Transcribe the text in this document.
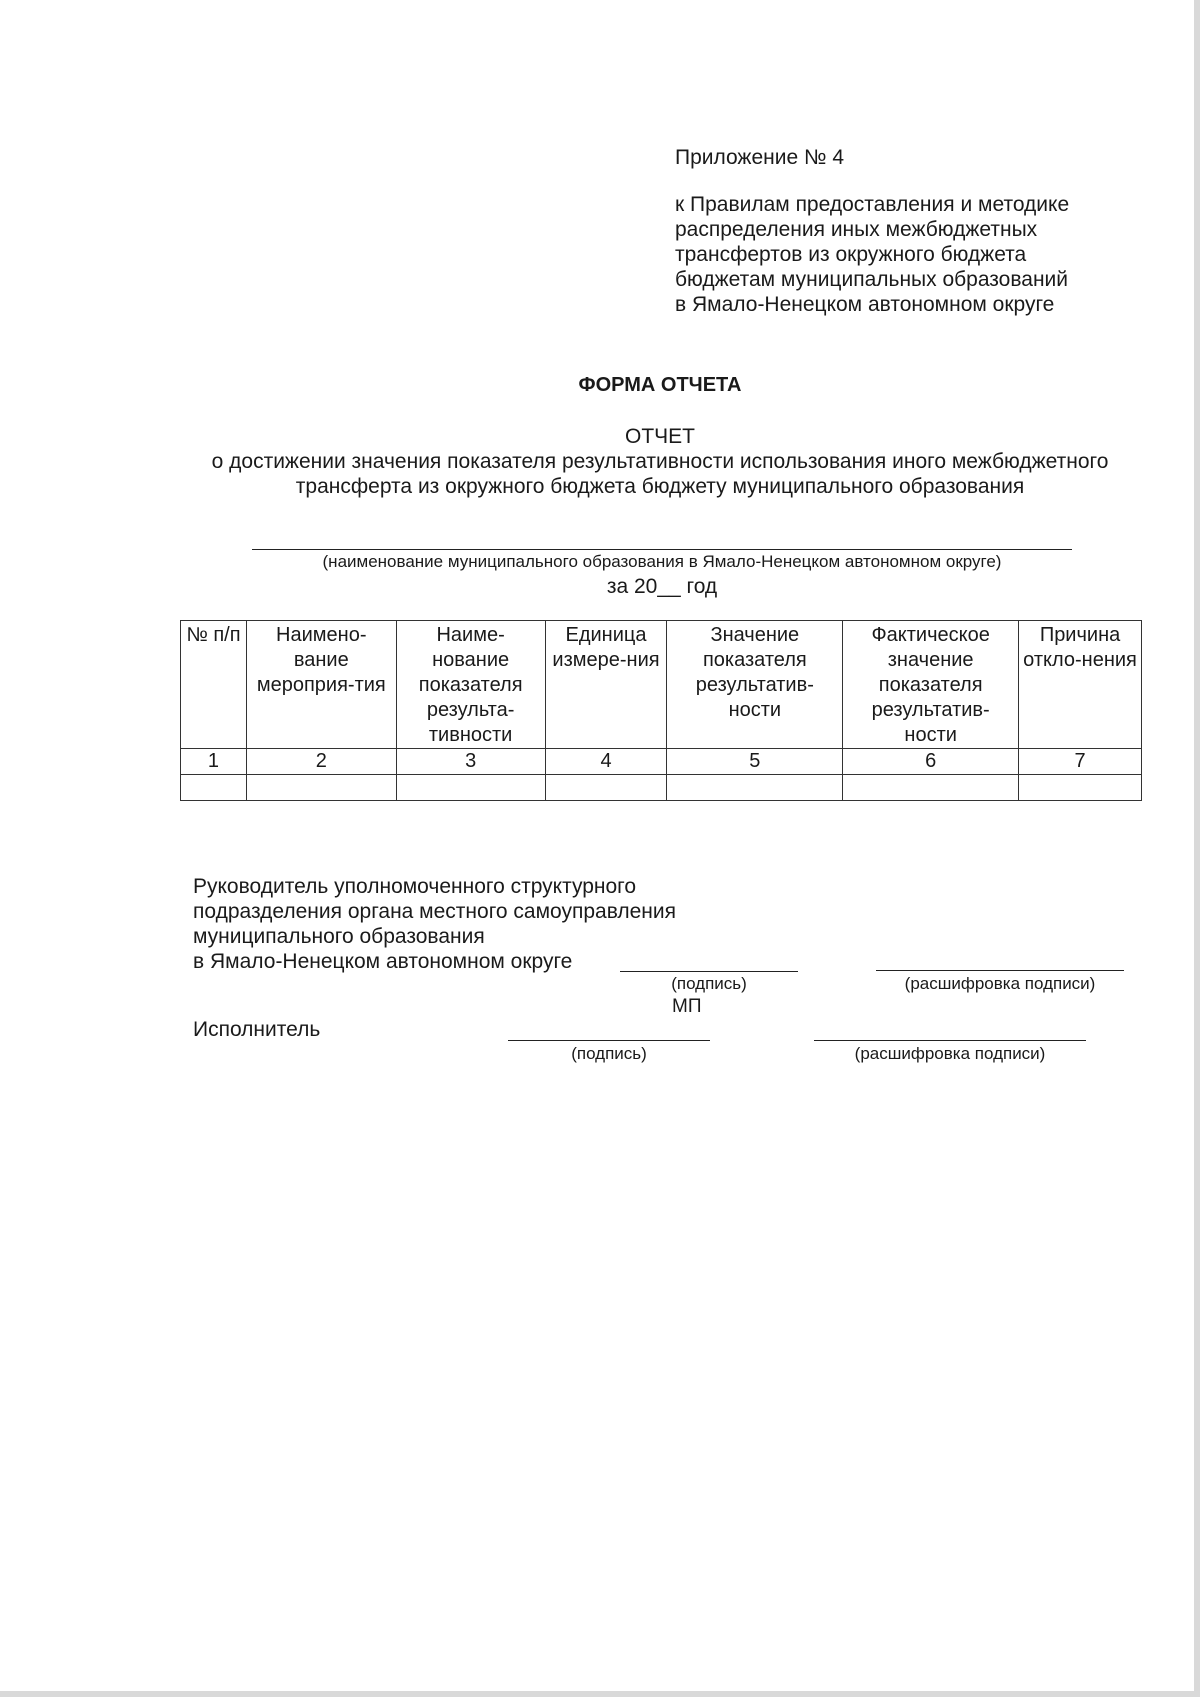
Приложение № 4
к Правилам предоставления и методике
распределения иных межбюджетных
трансфертов из окружного бюджета
бюджетам муниципальных образований
в Ямало-Ненецком автономном округе
ФОРМА ОТЧЕТА
ОТЧЕТ
о достижении значения показателя результативности использования иного межбюджетного трансферта из окружного бюджета бюджету муниципального образования
(наименование муниципального образования в Ямало-Ненецком автономном округе)
за 20__ год
№ п/п	Наимено-вание мероприя-тия	Наиме-нование показателя результа-тивности	Единица измере-ния	Значение показателя результатив-ности	Фактическое значение показателя результатив-ности	Причина откло-нения
1	2	3	4	5	6	7

Руководитель уполномоченного структурного
подразделения органа местного самоуправления
муниципального образования
в Ямало-Ненецком автономном округе
(подпись)	(расшифровка подписи)
МП
Исполнитель
(подпись)	(расшифровка подписи)
